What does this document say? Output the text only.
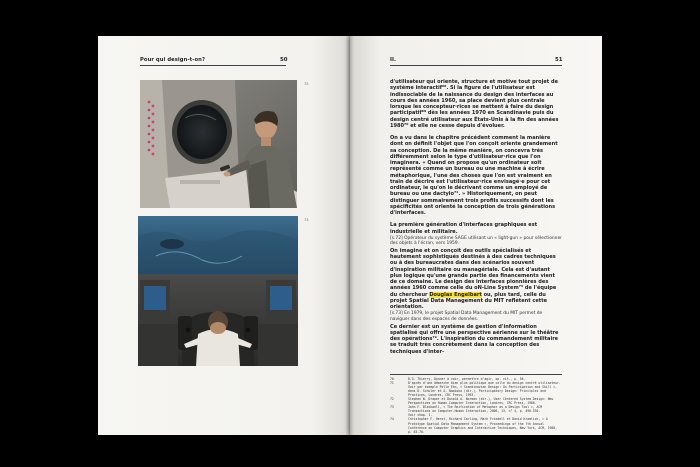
Pour qui design-t-on?	50
72
73
II.	51

d'utilisateur qui oriente, structure et motive tout projet de système interactif⁶⁸. Si la figure de l'utilisateur est indissociable de la naissance du design des interfaces au cours des années 1960, sa place devient plus centrale lorsque les concepteur·rices se mettent à faire du design participatif⁶⁹ dès les années 1970 en Scandinavie puis du design centré utilisateur aux États-Unis à la fin des années 1980⁷⁰ et elle ne cesse depuis d'évoluer.

On a vu dans le chapitre précédent comment la manière dont on définit l'objet que l'on conçoit oriente grandement sa conception. De la même manière, on concevra très différemment selon le type d'utilisateur·rice que l'on imaginera. « Quand on propose qu'un ordinateur soit représenté comme un bureau ou une machine à écrire métaphorique, l'une des choses que l'on est vraiment en train de décrire est l'utilisateur·rice envisagé·e pour cet ordinateur, ie qu'on le décrivant comme un employé de bureau ou une dactylo⁷¹. » Historiquement, on peut distinguer sommairement trois profils successifs dont les spécificités ont orienté la conception de trois générations d'interfaces.

La première génération d'interfaces graphiques est industrielle et militaire.

[s.72] Opérateur du système SAGE utilisant un « light-gun » pour sélectionner des objets à l'écran, vers 1959.

On imagine et on conçoit des outils spécialisés et hautement sophistiqués destinés à des cadres techniques ou à des bureaucrates dans des scénarios souvent d'inspiration militaire ou managériale. Cela est d'autant plus logique qu'une grande partie des financements vient de ce domaine. Le design des interfaces pionnières des années 1960 comme celle du oN-Line System⁷³ de l'équipe du chercheur Douglas Engelbart ou, plus tard, celle du projet Spatial Data Management du MIT reflètent cette orientation.

[s.73] En 1979, le projet Spatial Data Management du MIT permet de naviguer dans des espaces de données.

Ce dernier est un système de gestion d'information spatialisé qui offre une perspective aérienne sur le théâtre des opérations⁷⁴. L'inspiration du commandement militaire se traduit très concrètement dans la conception des techniques d'inter-

70	B.G. Thierry, Donner à voir, permettre d'agir, op. cit., p. 56.
71	D'après d'une démarche bien plus politique que celle du design centré utilisateur. Voir par exemple Pelle Ehn, « Scandinavian Design: On Participation and Skill », dans D. Schuler et A. Namioka (dir.), Participatory Design: Principles and Practices, Londres, CRC Press, 1993.
72	Stephen W. Draper et Donald A. Norman (dir.), User Centered System Design: New Perspectives on Human-Computer Interaction, Londres, CRC Press, 1986.
73	John F. Blackwell, « The Reification of Metaphor as a Design Tool », ACM Transactions on Computer-Human Interaction, 2006, 13, n° 4, p. 490-530.
Voir chap. I.
74	Christopher F. Herot, Richard Carling, Mark Friedell et David Kramlich, « A Prototype Spatial Data Management System », Proceedings of the 7th Annual Conference on Computer Graphics and Interactive Techniques, New York, ACM, 1980, p. 63-70.
